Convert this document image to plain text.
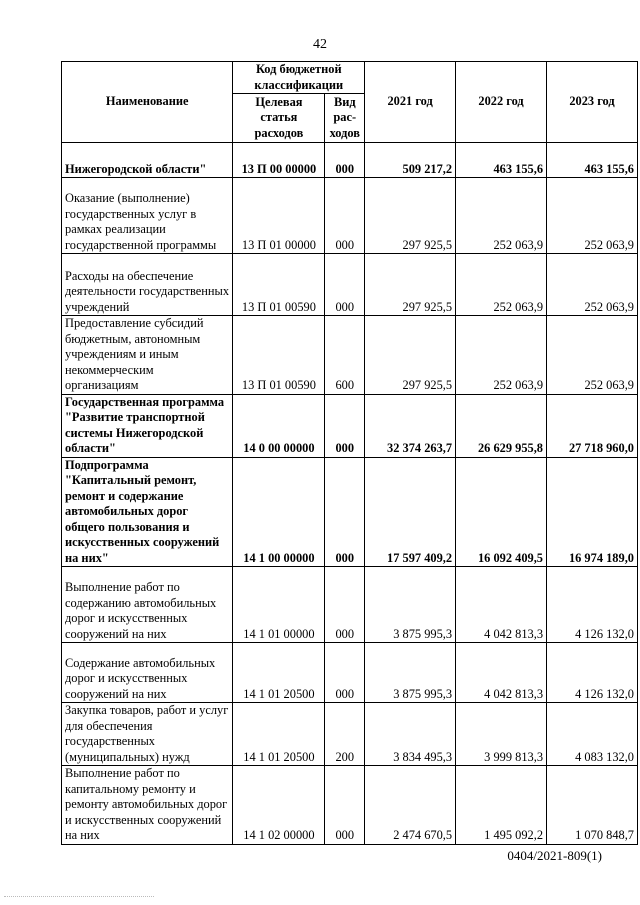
42
Наименование	Код бюджетной классификации		2021 год	2022 год	2023 год
	Целевая статья расходов	Вид рас- ходов			
Нижегородской области"	13 П 00 00000	000	509 217,2	463 155,6	463 155,6
Оказание (выполнение) государственных услуг в рамках реализации государственной программы	13 П 01 00000	000	297 925,5	252 063,9	252 063,9
Расходы на обеспечение деятельности государственных учреждений	13 П 01 00590	000	297 925,5	252 063,9	252 063,9
Предоставление субсидий бюджетным, автономным учреждениям и иным некоммерческим организациям	13 П 01 00590	600	297 925,5	252 063,9	252 063,9
Государственная программа "Развитие транспортной системы Нижегородской области"	14 0 00 00000	000	32 374 263,7	26 629 955,8	27 718 960,0
Подпрограмма "Капитальный ремонт, ремонт и содержание автомобильных дорог общего пользования и искусственных сооружений на них"	14 1 00 00000	000	17 597 409,2	16 092 409,5	16 974 189,0
Выполнение работ по содержанию автомобильных дорог и искусственных сооружений на них	14 1 01 00000	000	3 875 995,3	4 042 813,3	4 126 132,0
Содержание автомобильных дорог и искусственных сооружений на них	14 1 01 20500	000	3 875 995,3	4 042 813,3	4 126 132,0
Закупка товаров, работ и услуг для обеспечения государственных (муниципальных) нужд	14 1 01 20500	200	3 834 495,3	3 999 813,3	4 083 132,0
Выполнение работ по капитальному ремонту и ремонту автомобильных дорог и искусственных сооружений на них	14 1 02 00000	000	2 474 670,5	1 495 092,2	1 070 848,7
0404/2021-809(1)
